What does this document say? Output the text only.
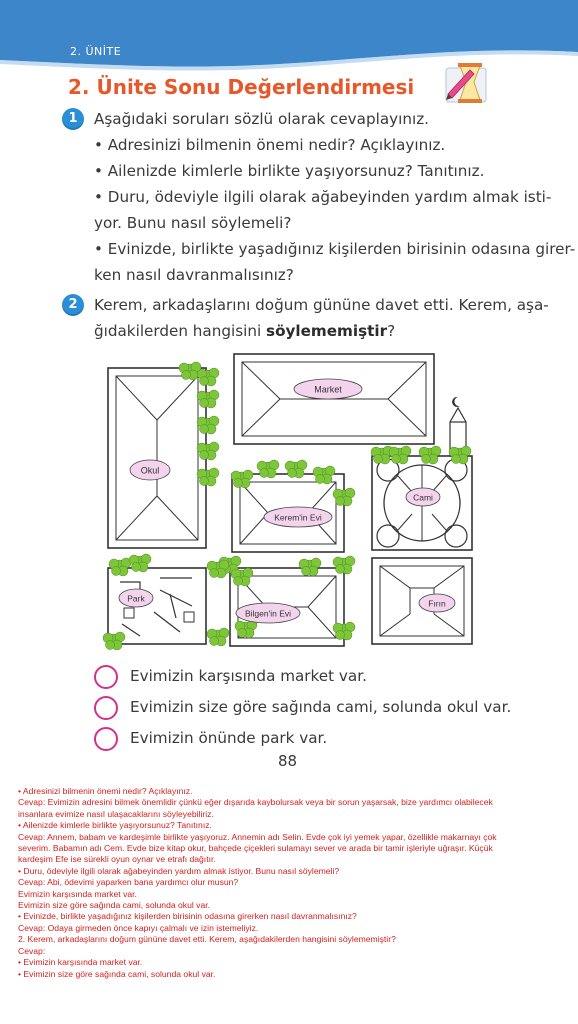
2. ÜNİTE
2. Ünite Sonu Değerlendirmesi
1	Aşağıdaki soruları sözlü olarak cevaplayınız.
• Adresinizi bilmenin önemi nedir? Açıklayınız.
• Ailenizde kimlerle birlikte yaşıyorsunuz? Tanıtınız.
• Duru, ödeviyle ilgili olarak ağabeyinden yardım almak isti-
yor. Bunu nasıl söylemeli?
• Evinizde, birlikte yaşadığınız kişilerden birisinin odasına girer-
ken nasıl davranmalısınız?
2	Kerem, arkadaşlarını doğum gününe davet etti. Kerem, aşa-
ğıdakilerden hangisini söylememiştir?
Okul
Market
Cami
Kerem'in Evi
Park
Bilgen'in Evi
Fırın
Evimizin karşısında market var.
Evimizin size göre sağında cami, solunda okul var.
Evimizin önünde park var.
88
• Adresinizi bilmenin önemi nedir? Açıklayınız.
Cevap: Evimizin adresini bilmek önemlidir çünkü eğer dışarıda kaybolursak veya bir sorun yaşarsak, bize yardımcı olabilecek
insanlara evimize nasıl ulaşacaklarını söyleyebiliriz.
• Ailenizde kimlerle birlikte yaşıyorsunuz? Tanıtınız.
Cevap: Annem, babam ve kardeşimle birlikte yaşıyoruz. Annemin adı Selin. Evde çok iyi yemek yapar, özellikle makarnayı çok
severim. Babamın adı Cem. Evde bize kitap okur, bahçede çiçekleri sulamayı sever ve arada bir tamir işleriyle uğraşır. Küçük
kardeşim Efe ise sürekli oyun oynar ve etrafı dağıtır.
• Duru, ödeviyle ilgili olarak ağabeyinden yardım almak istiyor. Bunu nasıl söylemeli?
Cevap: Abi, ödevimi yaparken bana yardımcı olur musun?
Evimizin karşısında market var.
Evimizin size göre sağında cami, solunda okul var.
• Evinizde, birlikte yaşadığınız kişilerden birisinin odasına girerken nasıl davranmalısınız?
Cevap: Odaya girmeden önce kapıyı çalmalı ve izin istemeliyiz.
2. Kerem, arkadaşlarını doğum gününe davet etti. Kerem, aşağıdakilerden hangisini söylememiştir?
Cevap:
• Evimizin karşısında market var.
• Evimizin size göre sağında cami, solunda okul var.
